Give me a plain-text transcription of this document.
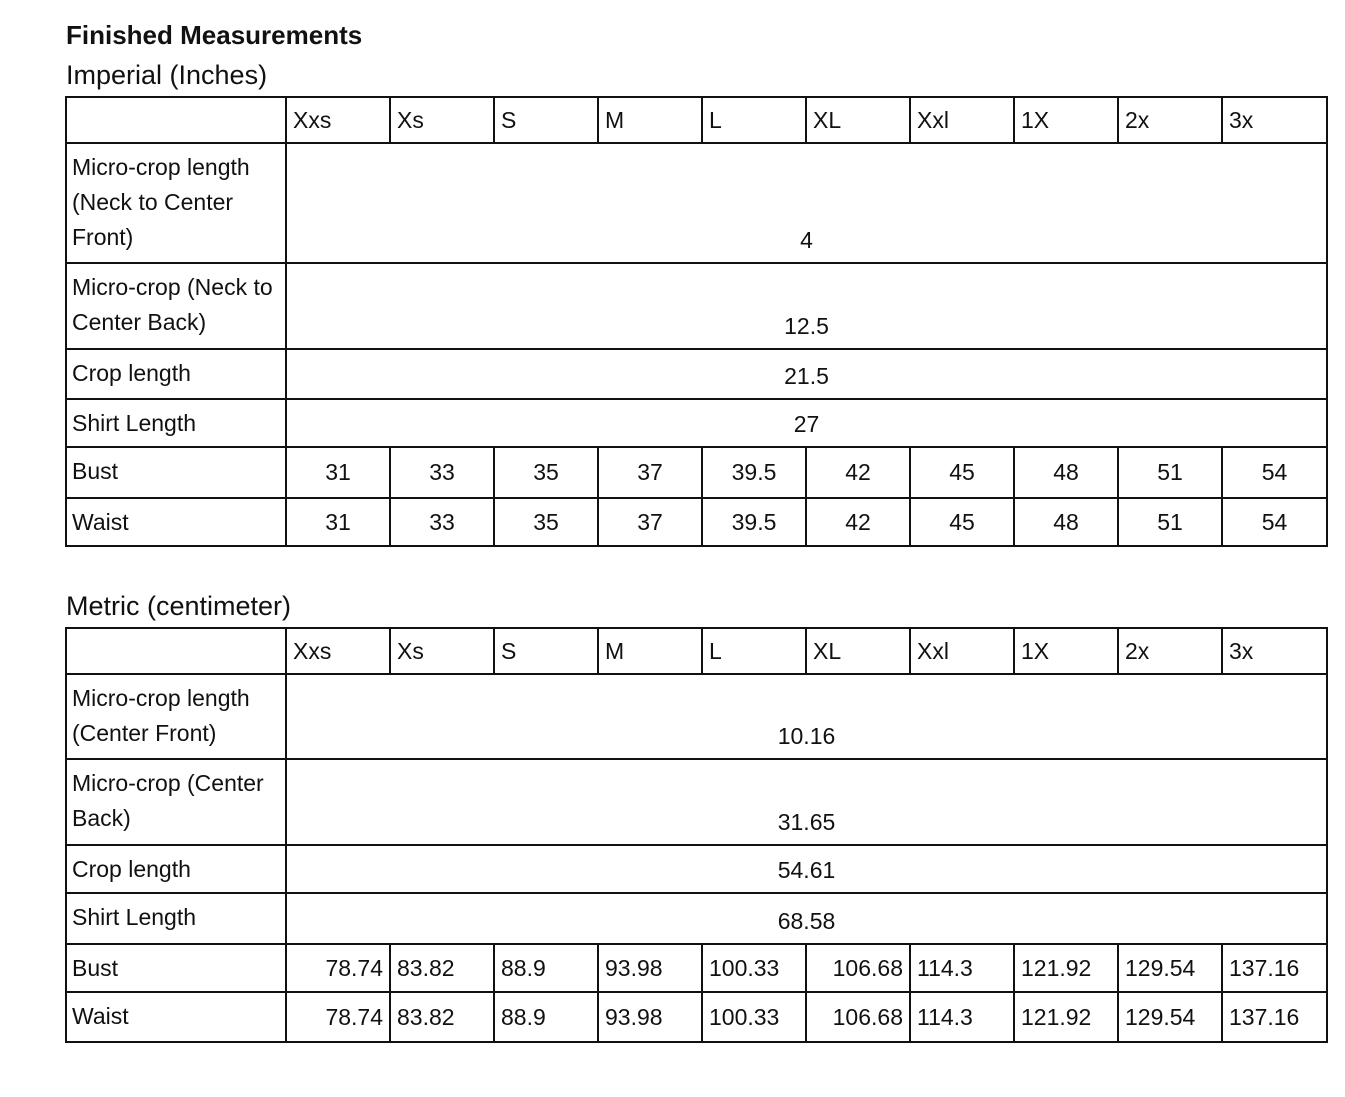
Finished Measurements
Imperial (Inches)
	Xxs	Xs	S	M	L	XL	Xxl	1X	2x	3x
Micro-crop length (Neck to Center Front)	4									
Micro-crop (Neck to Center Back)	12.5									
Crop length	21.5									
Shirt Length	27									
Bust	31	33	35	37	39.5	42	45	48	51	54
Waist	31	33	35	37	39.5	42	45	48	51	54
Metric (centimeter)
	Xxs	Xs	S	M	L	XL	Xxl	1X	2x	3x
Micro-crop length (Center Front)	10.16									
Micro-crop (Center Back)	31.65									
Crop length	54.61									
Shirt Length	68.58									
Bust	78.74	83.82	88.9	93.98	100.33	106.68	114.3	121.92	129.54	137.16
Waist	78.74	83.82	88.9	93.98	100.33	106.68	114.3	121.92	129.54	137.16
